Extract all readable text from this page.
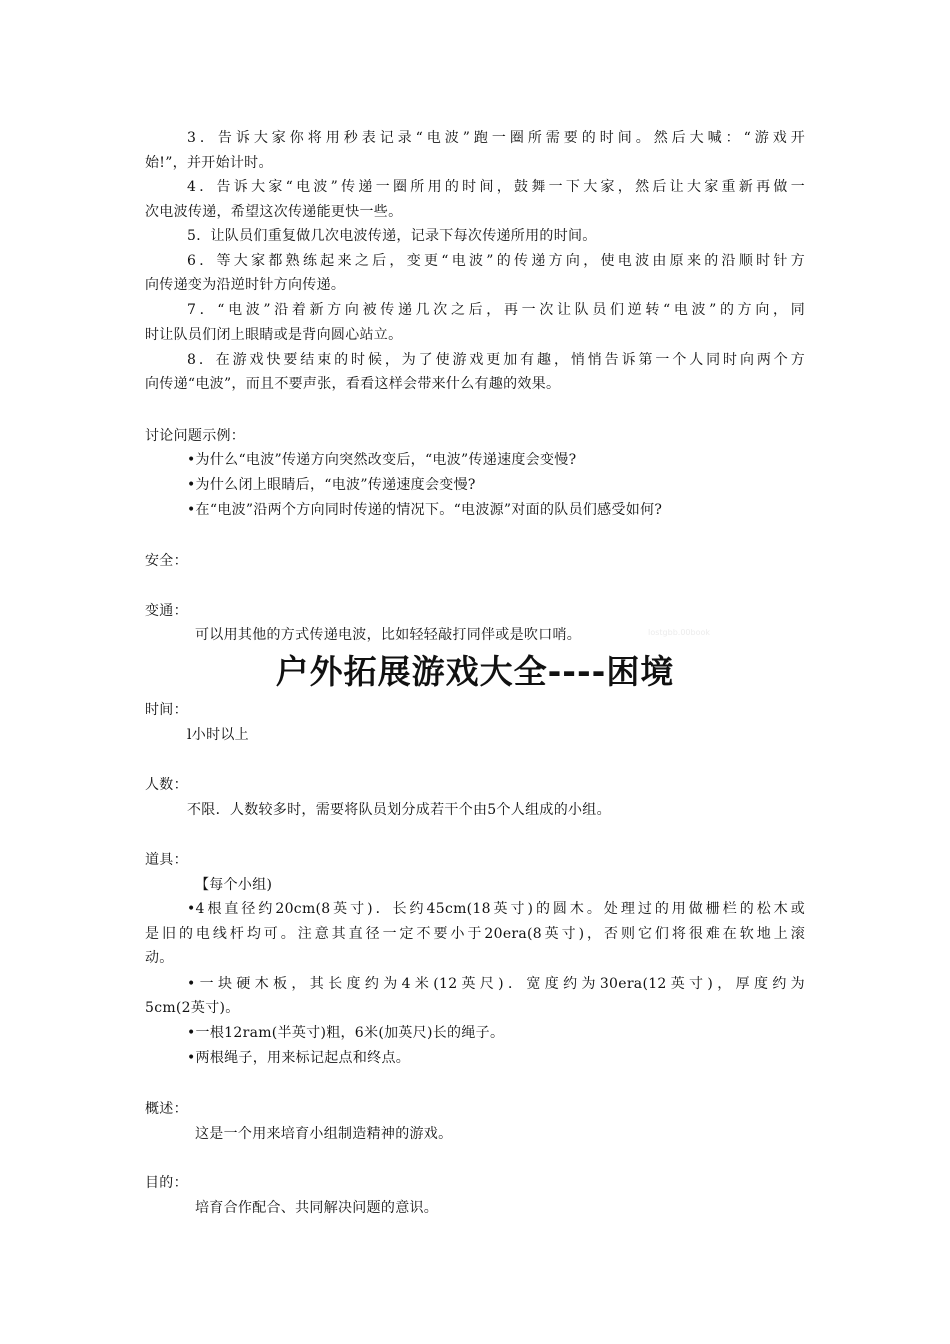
3．告诉大家你将用秒表记录“电波”跑一圈所需要的时间。然后大喊：“游戏开
始!”，并开始计时。
4．告诉大家“电波”传递一圈所用的时间，鼓舞一下大家，然后让大家重新再做一
次电波传递，希望这次传递能更快一些。
5．让队员们重复做几次电波传递，记录下每次传递所用的时间。
6．等大家都熟练起来之后，变更“电波”的传递方向，使电波由原来的沿顺时针方
向传递变为沿逆时针方向传递。
7．“电波”沿着新方向被传递几次之后，再一次让队员们逆转“电波”的方向，同
时让队员们闭上眼睛或是背向圆心站立。
8．在游戏快要结束的时候，为了使游戏更加有趣，悄悄告诉第一个人同时向两个方
向传递“电波”，而且不要声张，看看这样会带来什么有趣的效果。
讨论问题示例：
•为什么“电波”传递方向突然改变后，“电波”传递速度会变慢?
•为什么闭上眼睛后，“电波”传递速度会变慢?
•在“电波”沿两个方向同时传递的情况下。“电波源”对面的队员们感受如何?
安全：
变通：
可以用其他的方式传递电波，比如轻轻敲打同伴或是吹口哨。	Iostgbb.00book
户外拓展游戏大全----困境
时间：
l小时以上
人数：
不限．人数较多时，需要将队员划分成若干个由5个人组成的小组。
道具：
【每个小组)
•4根直径约20cm(8英寸)．长约45cm(18英寸)的圆木。处理过的用做栅栏的松木或
是旧的电线杆均可。注意其直径一定不要小于20era(8英寸)，否则它们将很难在软地上滚
动。
•一块硬木板，其长度约为4米(12英尺)．宽度约为30era(12英寸)，厚度约为
5cm(2英寸)。
•一根12ram(半英寸)粗，6米(加英尺)长的绳子。
•两根绳子，用来标记起点和终点。
概述：
这是一个用来培育小组制造精神的游戏。
目的：
培育合作配合、共同解决问题的意识。
